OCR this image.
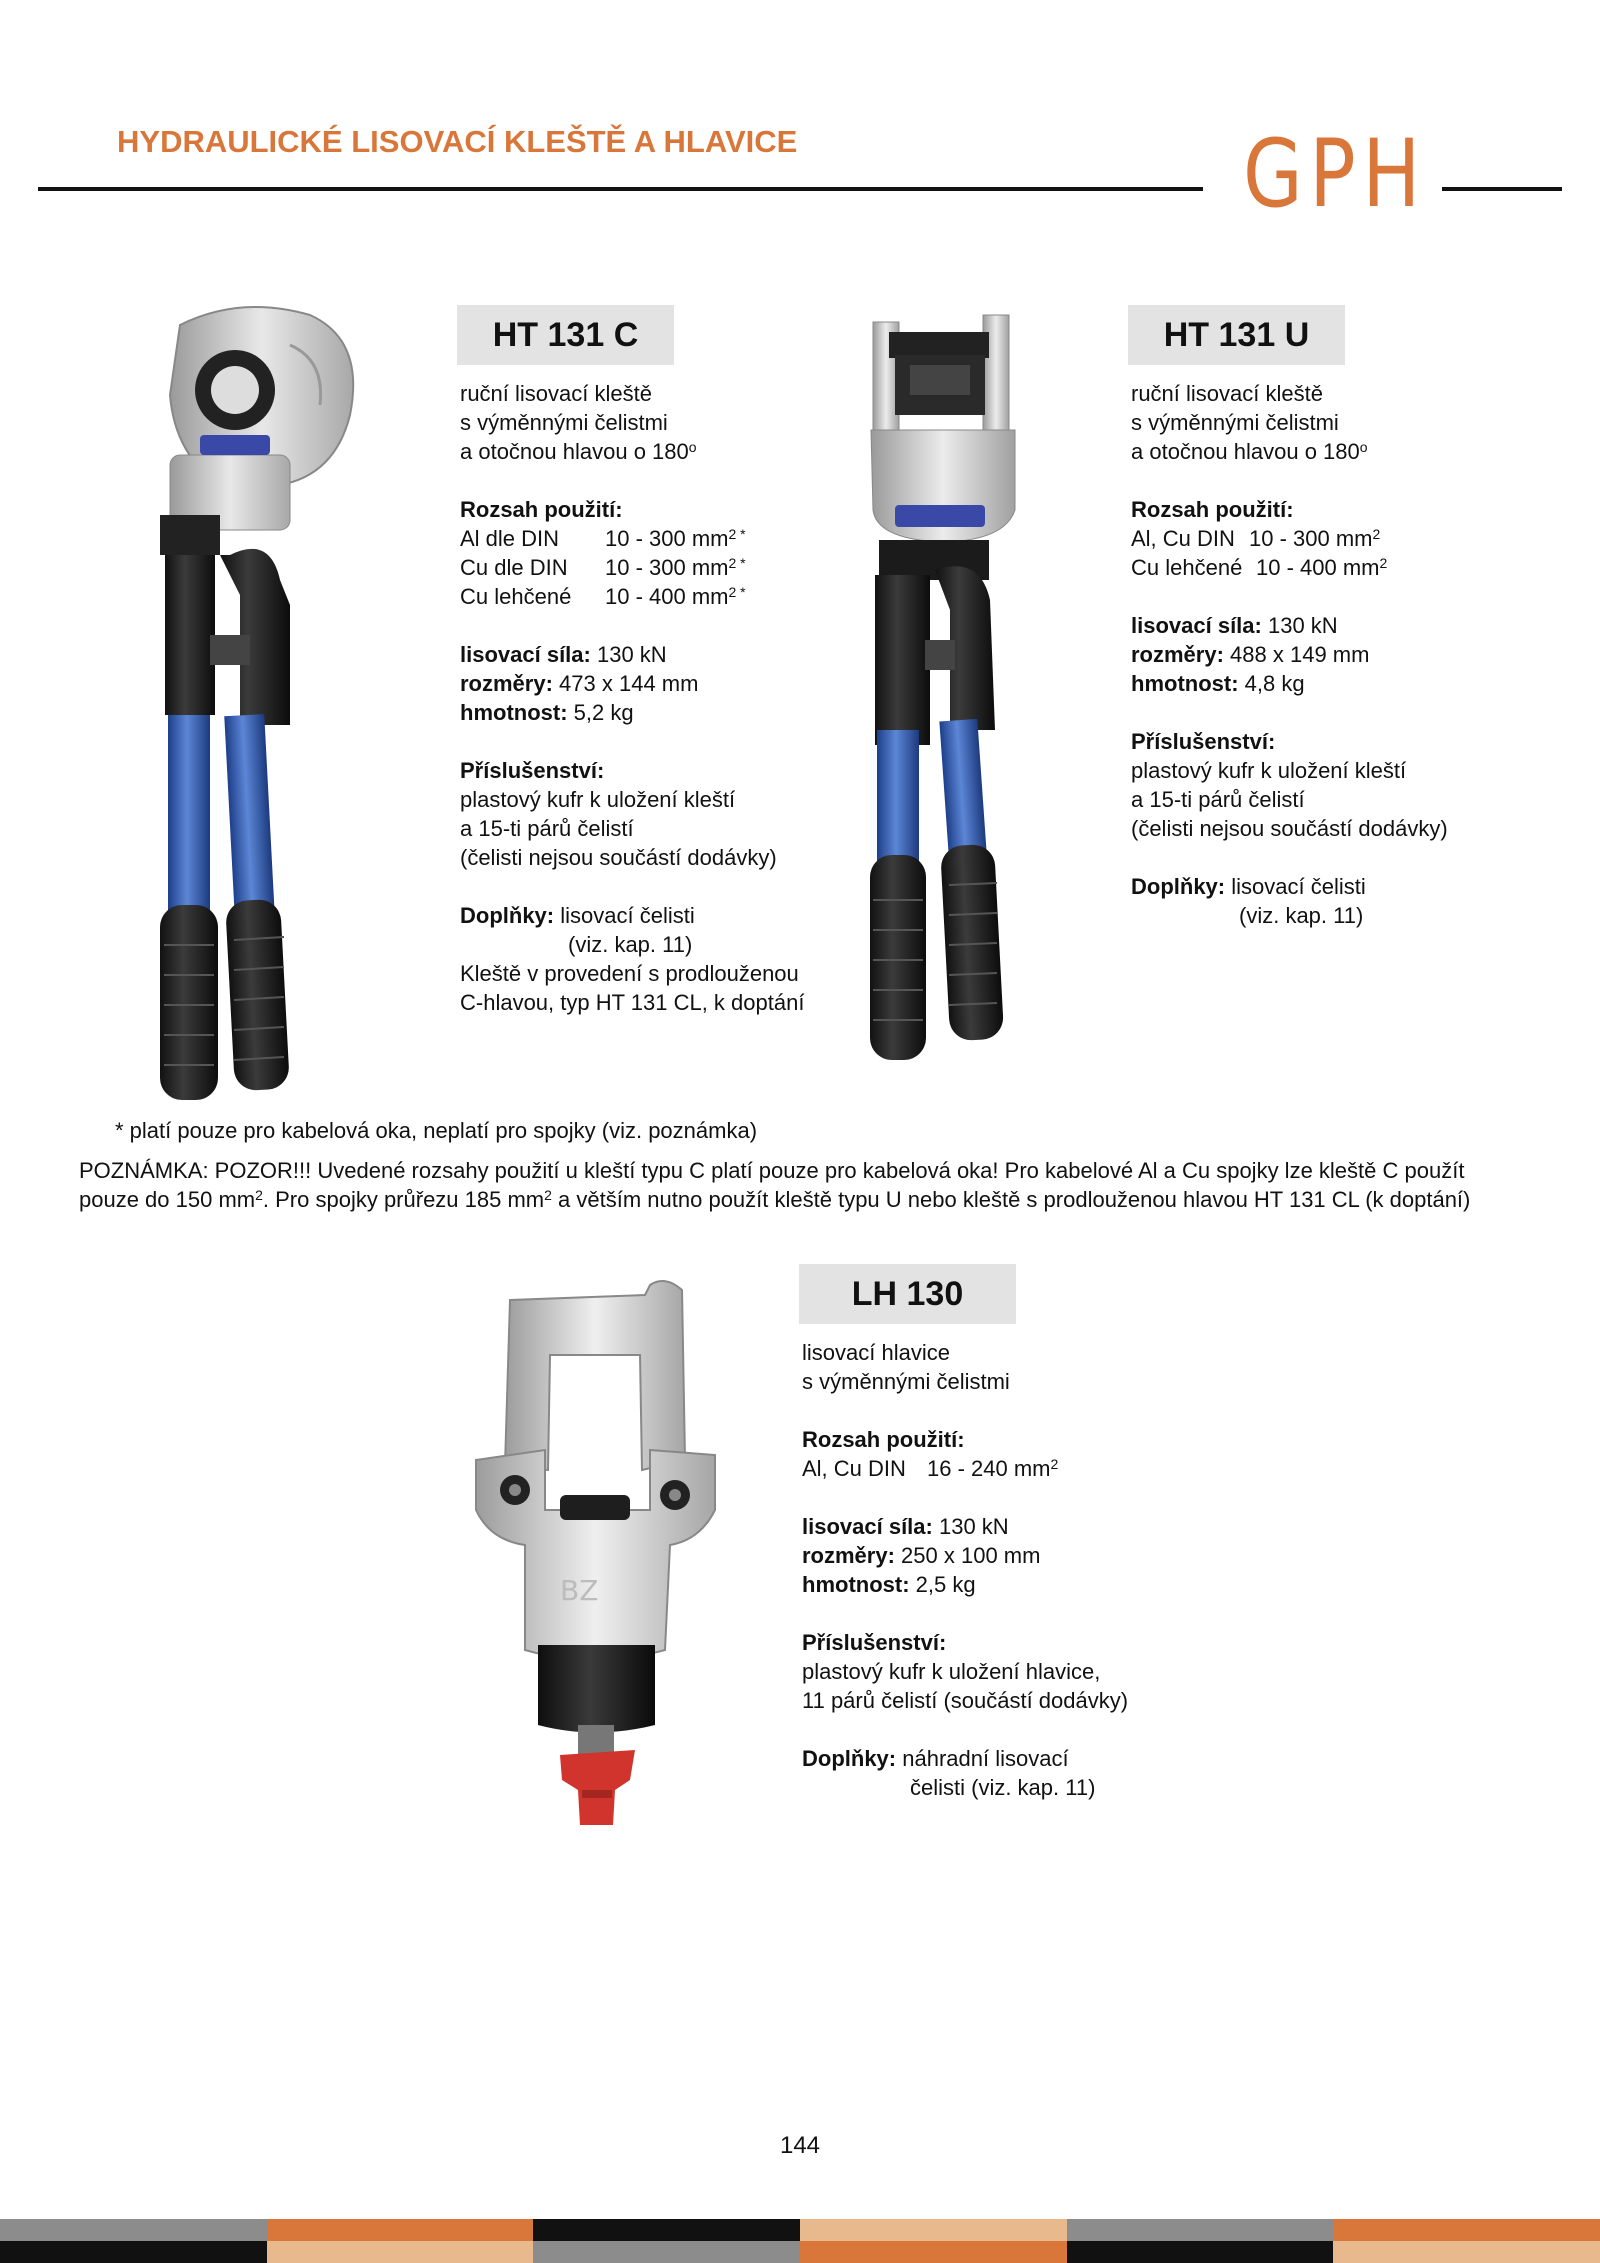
HYDRAULICKÉ LISOVACÍ KLEŠTĚ A HLAVICE	GPH
HT 131 C
ruční lisovací kleště
s výměnnými čelistmi
a otočnou hlavou o 180$^o$
Rozsah použití:
Al dle DIN 10 - 300 $mm^{2 *}$
Cu dle DIN 10 - 300 $mm^{2 *}$
Cu lehčené 10 - 400 $mm^{2 *}$
lisovací síla: 130 kN
rozměry: 473 x 144 mm
hmotnost: 5,2 kg
Příslušenství:
plastový kufr k uložení kleští
a 15-ti párů čelistí
(čelisti nejsou součástí dodávky)
Doplňky: lisovací čelisti
(viz. kap. 11)
Kleště v provedení s prodlouženou
C-hlavou, typ HT 131 CL, k doptání
HT 131 U
ruční lisovací kleště
s výměnnými čelistmi
a otočnou hlavou o 180$^o$
Rozsah použití:
Al, Cu DIN 10 - 300 $mm^2$
Cu lehčené 10 - 400 $mm^2$
lisovací síla: 130 kN
rozměry: 488 x 149 mm
hmotnost: 4,8 kg
Příslušenství:
plastový kufr k uložení kleští
a 15-ti párů čelistí
(čelisti nejsou součástí dodávky)
Doplňky: lisovací čelisti
(viz. kap. 11)
* platí pouze pro kabelová oka, neplatí pro spojky (viz. poznámka)
POZNÁMKA: POZOR!!! Uvedené rozsahy použití u kleští typu C platí pouze pro kabelová oka! Pro kabelové Al a Cu spojky lze kleště C použít
pouze do 150 $mm^2$. Pro spojky průřezu 185 $mm^2$ a větším nutno použít kleště typu U nebo kleště s prodlouženou hlavou HT 131 CL (k doptání)
BZ
LH 130
lisovací hlavice
s výměnnými čelistmi
Rozsah použití:
Al, Cu DIN 16 - 240 $mm^2$
lisovací síla: 130 kN
rozměry: 250 x 100 mm
hmotnost: 2,5 kg
Příslušenství:
plastový kufr k uložení hlavice,
11 párů čelistí (součástí dodávky)
Doplňky: náhradní lisovací
čelisti (viz. kap. 11)
144
